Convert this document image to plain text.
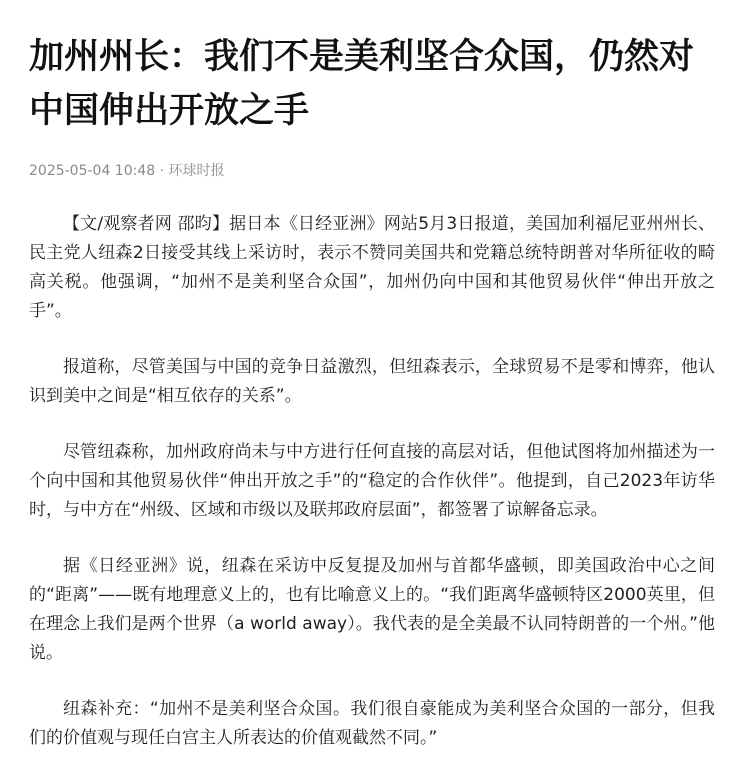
加州州长：我们不是美利坚合众国，仍然对中国伸出开放之手
2025-05-04 10:48 · 环球时报

【文/观察者网 邵昀】据日本《日经亚洲》网站5月3日报道，美国加利福尼亚州州长、民主党人纽森2日接受其线上采访时，表示不赞同美国共和党籍总统特朗普对华所征收的畸高关税。他强调，“加州不是美利坚合众国”，加州仍向中国和其他贸易伙伴“伸出开放之手”。

报道称，尽管美国与中国的竞争日益激烈，但纽森表示，全球贸易不是零和博弈，他认识到美中之间是“相互依存的关系”。

尽管纽森称，加州政府尚未与中方进行任何直接的高层对话，但他试图将加州描述为一个向中国和其他贸易伙伴“伸出开放之手”的“稳定的合作伙伴”。他提到，自己2023年访华时，与中方在“州级、区域和市级以及联邦政府层面”，都签署了谅解备忘录。

据《日经亚洲》说，纽森在采访中反复提及加州与首都华盛顿，即美国政治中心之间的“距离”——既有地理意义上的，也有比喻意义上的。“我们距离华盛顿特区2000英里，但在理念上我们是两个世界（a world away）。我代表的是全美最不认同特朗普的一个州。”他说。

纽森补充：“加州不是美利坚合众国。我们很自豪能成为美利坚合众国的一部分，但我们的价值观与现任白宫主人所表达的价值观截然不同。”
